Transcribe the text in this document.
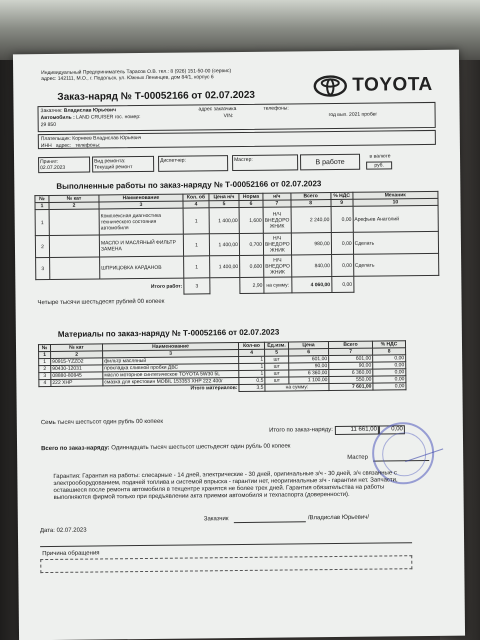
Индивидуальный Предприниматель Тарасов О.В. тел.: 8 (926) 151-50-00 (сервис)
адрес: 142111, М.О., г. Подольск, ул. Южных Ленинцев, дом 84/1, корпус 6	TOYOTA
Заказ-наряд № Т-00052166 от 02.07.2023
Заказчик: Владислав Юрьевич	адрес заказчика	телефоны:
Автомобиль : LAND CRUISER гос. номер:	VIN:	год вып. 2021 пробег
29 850
Плательщик: Корнеев Владислав Юрьевич
ИНН адрес: телефоны:
Принят:
02.07.2023
Вид ремонта:
Текущий ремонт
Диспетчер:	Мастер:	В работе
в валюте
руб.
Выполненные работы по заказ-наряду № Т-00052166 от 02.07.2023
№	№ кат	Наименование	Кол. об	Цена н/ч	Норма	н/ч	Всего	% НДС	Механик
1	2	3	4	5	6	7	8	9	10
1		Комплексная диагностика технического состояния автомобиля	1	1 400,00	1,600	Н/Ч ВНЕДОРО ЖНИК	2 240,00	0,00	Арефьев Анатолий
2		МАСЛО И МАСЛЯНЫЙ ФИЛЬТР ЗАМЕНА	1	1 400,00	0,700	Н/Ч ВНЕДОРО ЖНИК	980,00	0,00	Сделать
3		ШПРИЦОВКА КАРДАНОВ	1	1 400,00	0,600	Н/Ч ВНЕДОРО ЖНИК	840,00	0,00	Сделать
Итого работ:			3		2,90	на сумму:	4 060,00	0,00	
Четыре тысячи шестьдесят рублей 00 копеек
Материалы по заказ-наряду № Т-00052166 от 02.07.2023
№	№ кат	Наименование	Кол-во	Ед.изм.	Цена	Всего	% НДС
1	2	3	4	5	6	7	8
1	90915-YZZD2	фильтр масляный	1	шт	601,00	601,00	0,00
2	90430-12031	прокладка сливной пробки ДВС	1	шт	90,00	90,00	0,00
3	08880-80845	масло моторное синтетическое TOYOTA 5W30 5L	1	шт	6 360,00	6 360,00	0,00
4	222 XHP	смазка для крестовин MOBIL 153353 XHP 222 400г	0,5	шт	1 100,00	550,00	0,00
Итого материалов:			3,5	на сумму:		7 601,00	0,00
Семь тысяч шестьсот один рубль 00 копеек
Итого по заказ-наряду:	11 661,00	0,00
Всего по заказ-наряду: Одиннадцать тысяч шестьсот шестьдесят один рубль 00 копеек
Мастер
Гарантия: Гарантия на работы: слесарные - 14 дней, электрические - 30 дней, оригинальные з/ч - 30 дней, з/ч связанные с электрооборудованием, подачей топлива и системой впрыска - гарантии нет, неоригинальные з/ч - гарантии нет. Запчасти, оставшиеся после ремонта автомобиля в техцентре хранятся не более трех дней. Гарантия обязательства на работы выполняются фирмой только при предъявлении акта приемки автомобиля и техпаспорта (доверенности).
Заказчик	/Владислав Юрьевич/
Дата: 02.07.2023
Причина обращения
